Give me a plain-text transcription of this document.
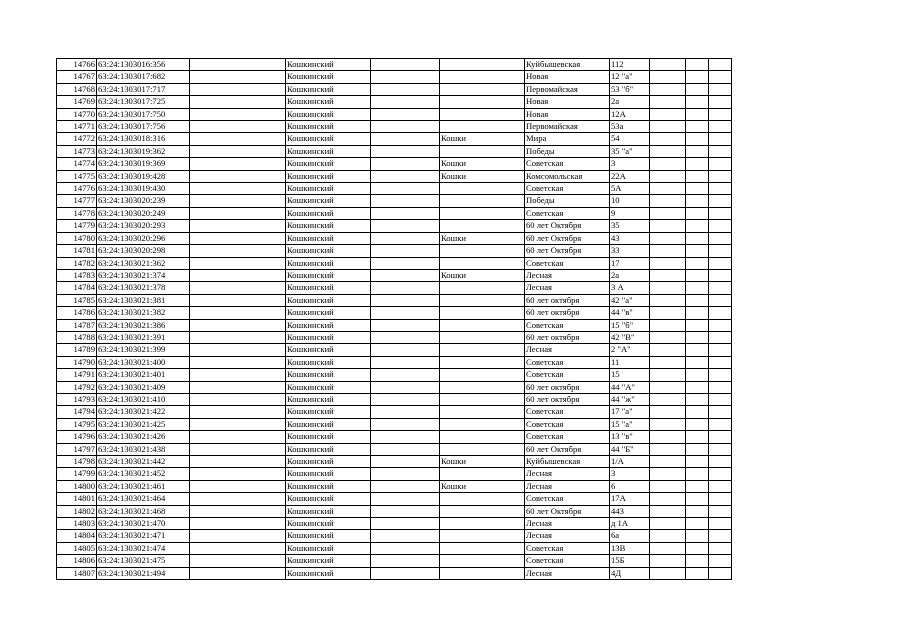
14766	63:24:1303016:356		Кошкинский			Куйбышевская	112			
14767	63:24:1303017:682		Кошкинский			Новая	12 "а"			
14768	63:24:1303017:717		Кошкинский			Первомайская	53 "б"			
14769	63:24:1303017:725		Кошкинский			Новая	2а			
14770	63:24:1303017:750		Кошкинский			Новая	12А			
14771	63:24:1303017:756		Кошкинский			Первомайская	53а			
14772	63:24:1303018:316		Кошкинский		Кошки	Мира	54			
14773	63:24:1303019:362		Кошкинский			Победы	35 "а"			
14774	63:24:1303019:369		Кошкинский		Кошки	Советская	3			
14775	63:24:1303019:428		Кошкинский		Кошки	Комсомольская	22А			
14776	63:24:1303019:430		Кошкинский			Советская	5А			
14777	63:24:1303020:239		Кошкинский			Победы	10			
14778	63:24:1303020:249		Кошкинский			Советская	9			
14779	63:24:1303020:293		Кошкинский			60 лет Октября	35			
14780	63:24:1303020:296		Кошкинский		Кошки	60 лет Октября	43			
14781	63:24:1303020:298		Кошкинский			60 лет Октября	33			
14782	63:24:1303021:362		Кошкинский			Советская	17			
14783	63:24:1303021:374		Кошкинский		Кошки	Лесная	2а			
14784	63:24:1303021:378		Кошкинский			Лесная	3 А			
14785	63:24:1303021:381		Кошкинский			60 лет октября	42 "а"			
14786	63:24:1303021:382		Кошкинский			60 лет октября	44 "в"			
14787	63:24:1303021:386		Кошкинский			Советская	15 "б"			
14788	63:24:1303021:391		Кошкинский			60 лет октября	42 "В"			
14789	63:24:1303021:399		Кошкинский			Лесная	2 "А"			
14790	63:24:1303021:400		Кошкинский			Советская	11			
14791	63:24:1303021:401		Кошкинский			Советская	15			
14792	63:24:1303021:409		Кошкинский			60 лет октября	44 "А"			
14793	63:24:1303021:410		Кошкинский			60 лет октября	44 "ж"			
14794	63:24:1303021:422		Кошкинский			Советская	17 "а"			
14795	63:24:1303021:425		Кошкинский			Советская	15 "а"			
14796	63:24:1303021:426		Кошкинский			Советская	13 "в"			
14797	63:24:1303021:438		Кошкинский			60 лет Октября	44 "Б"			
14798	63:24:1303021:442		Кошкинский		Кошки	Куйбышевская	1/А			
14799	63:24:1303021:452		Кошкинский			Лесная	3			
14800	63:24:1303021:461		Кошкинский		Кошки	Лесная	6			
14801	63:24:1303021:464		Кошкинский			Советская	17А			
14802	63:24:1303021:468		Кошкинский			60 лет Октября	443			
14803	63:24:1303021:470		Кошкинский			Лесная	д 1А			
14804	63:24:1303021:471		Кошкинский			Лесная	6а			
14805	63:24:1303021:474		Кошкинский			Советская	13В			
14806	63:24:1303021:475		Кошкинский			Советская	15Б			
14807	63:24:1303021:494		Кошкинский			Лесная	4Д			
